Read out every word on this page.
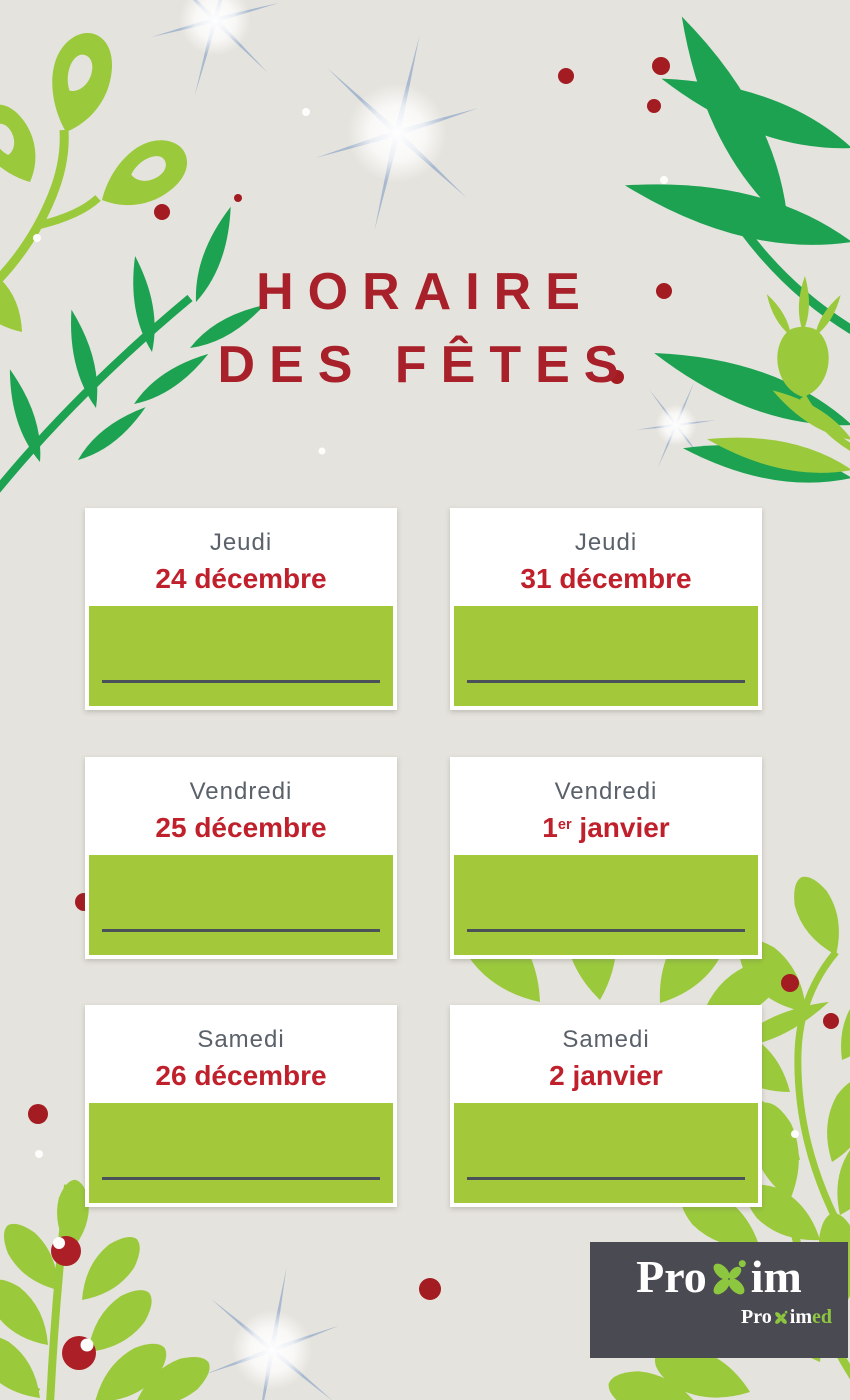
HORAIRE
DES FÊTES
Jeudi
24 décembre
Jeudi
31 décembre
Vendredi
25 décembre
Vendredi
1er janvier
Samedi
26 décembre
Samedi
2 janvier
Pro im
Pro im ed
